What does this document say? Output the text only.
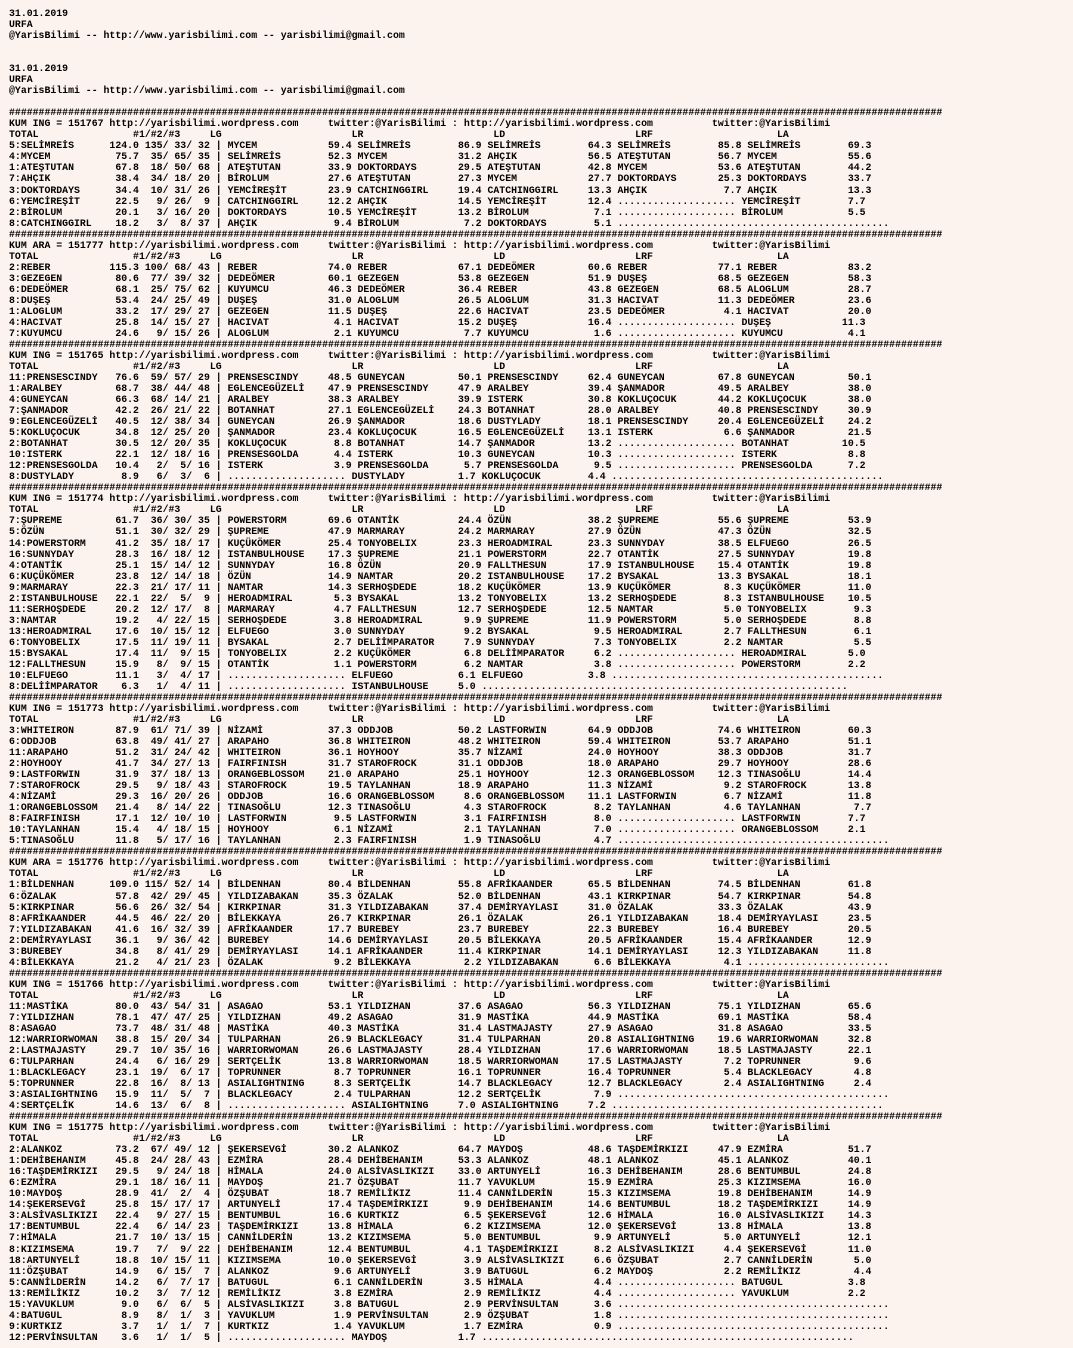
31.01.2019
URFA
@YarisBilimi -- http://www.yarisbilimi.com -- yarisbilimi@gmail.com

31.01.2019
URFA
@YarisBilimi -- http://www.yarisbilimi.com -- yarisbilimi@gmail.com

##############################################################################################################################################################
KUM ING = 151767 http://yarisbilimi.wordpress.com     twitter:@YarisBilimi : http://yarisbilimi.wordpress.com          twitter:@YarisBilimi
TOTAL                #1/#2/#3     LG                      LR                      LD                      LRF                     LA
5:SELİMREİS      124.0 135/ 33/ 32 | MYCEM            59.4 SELİMREİS        86.9 SELİMREİS        64.3 SELİMREİS        85.8 SELİMREİS        69.3
4:MYCEM           75.7  35/ 65/ 35 | SELİMREİS        52.3 MYCEM            31.2 AHÇIK            56.5 ATEŞTUTAN        56.7 MYCEM            55.6
1:ATEŞTUTAN       67.8  18/ 50/ 68 | ATEŞTUTAN        33.9 DOKTORDAYS       29.5 ATEŞTUTAN        42.8 MYCEM            53.6 ATEŞTUTAN        44.2
7:AHÇIK           38.4  34/ 18/ 20 | BİROLUM          27.6 ATEŞTUTAN        27.3 MYCEM            27.7 DOKTORDAYS       25.3 DOKTORDAYS       33.7
3:DOKTORDAYS      34.4  10/ 31/ 26 | YEMCİREŞİT       23.9 CATCHINGGIRL     19.4 CATCHINGGIRL     13.3 AHÇIK             7.7 AHÇIK            13.3
6:YEMCİREŞİT      22.5   9/ 26/  9 | CATCHINGGIRL     12.2 AHÇIK            14.5 YEMCİREŞİT       12.4 .................... YEMCİREŞİT        7.7
2:BİROLUM         20.1   3/ 16/ 20 | DOKTORDAYS       10.5 YEMCİREŞİT       13.2 BİROLUM           7.1 .................... BİROLUM           5.5
8:CATCHINGGIRL    18.2   3/  8/ 37 | AHÇIK             9.4 BİROLUM           7.2 DOKTORDAYS        5.1 ..............................................
##############################################################################################################################################################
KUM ARA = 151777 http://yarisbilimi.wordpress.com     twitter:@YarisBilimi : http://yarisbilimi.wordpress.com          twitter:@YarisBilimi
TOTAL                #1/#2/#3     LG                      LR                      LD                      LRF                     LA
2:REBER          115.3 100/ 68/ 43 | REBER            74.0 REBER            67.1 DEDEÖMER         60.6 REBER            77.1 REBER            83.2
3:GEZEGEN         80.6  77/ 39/ 32 | DEDEÖMER         60.1 GEZEGEN          53.8 GEZEGEN          51.9 DUŞEŞ            68.5 GEZEGEN          58.3
6:DEDEÖMER        68.1  25/ 75/ 62 | KUYUMCU          46.3 DEDEÖMER         36.4 REBER            43.8 GEZEGEN          68.5 ALOGLUM          28.7
8:DUŞEŞ           53.4  24/ 25/ 49 | DUŞEŞ            31.0 ALOGLUM          26.5 ALOGLUM          31.3 HACIVAT          11.3 DEDEÖMER         23.6
1:ALOGLUM         33.2  17/ 29/ 27 | GEZEGEN          11.5 DUŞEŞ            22.6 HACIVAT          23.5 DEDEÖMER          4.1 HACIVAT          20.0
4:HACIVAT         25.8  14/ 15/ 27 | HACIVAT           4.1 HACIVAT          15.2 DUŞEŞ            16.4 .................... DUŞEŞ            11.3
7:KUYUMCU         24.6   9/ 15/ 26 | ALOGLUM           2.1 KUYUMCU           7.7 KUYUMCU           1.6 .................... KUYUMCU           4.1
##############################################################################################################################################################
KUM ING = 151765 http://yarisbilimi.wordpress.com     twitter:@YarisBilimi : http://yarisbilimi.wordpress.com          twitter:@YarisBilimi
TOTAL                #1/#2/#3     LG                      LR                      LD                      LRF                     LA
11:PRENSESCINDY   76.6  59/ 57/ 29 | PRENSESCINDY     48.5 GUNEYCAN         50.1 PRENSESCINDY     62.4 GUNEYCAN         67.8 GUNEYCAN         50.1
1:ARALBEY         68.7  38/ 44/ 48 | EGLENCEGÜZELİ    47.9 PRENSESCINDY     47.9 ARALBEY          39.4 ŞANMADOR         49.5 ARALBEY          38.0
4:GUNEYCAN        66.3  68/ 14/ 21 | ARALBEY          38.3 ARALBEY          39.9 ISTERK           30.8 KOKLUÇOCUK       44.2 KOKLUÇOCUK       38.0
7:ŞANMADOR        42.2  26/ 21/ 22 | BOTANHAT         27.1 EGLENCEGÜZELİ    24.3 BOTANHAT         28.0 ARALBEY          40.8 PRENSESCINDY     30.9
9:EGLENCEGÜZELİ   40.5  12/ 38/ 34 | GUNEYCAN         26.9 ŞANMADOR         18.6 DUSTYLADY        18.1 PRENSESCINDY     20.4 EGLENCEGÜZELİ    24.2
5:KOKLUÇOCUK      34.8  12/ 25/ 20 | ŞANMADOR         23.4 KOKLUÇOCUK       16.5 EGLENCEGÜZELİ    13.1 ISTERK            6.6 ŞANMADOR         21.5
2:BOTANHAT        30.5  12/ 20/ 35 | KOKLUÇOCUK        8.8 BOTANHAT         14.7 ŞANMADOR         13.2 .................... BOTANHAT         10.5
10:ISTERK         22.1  12/ 18/ 16 | PRENSESGOLDA      4.4 ISTERK           10.3 GUNEYCAN         10.3 .................... ISTERK            8.8
12:PRENSESGOLDA   10.4   2/  5/ 16 | ISTERK            3.9 PRENSESGOLDA      5.7 PRENSESGOLDA      9.5 .................... PRENSESGOLDA      7.2
8:DUSTYLADY        8.9   6/  3/  6 | .................... DUSTYLADY         1.7 KOKLUÇOCUK        4.4 ..............................................
##############################################################################################################################################################
KUM ING = 151774 http://yarisbilimi.wordpress.com     twitter:@YarisBilimi : http://yarisbilimi.wordpress.com          twitter:@YarisBilimi
TOTAL                #1/#2/#3     LG                      LR                      LD                      LRF                     LA
7:ŞUPREME         61.7  36/ 30/ 35 | POWERSTORM       69.6 OTANTİK          24.4 ÖZÜN             38.2 ŞUPREME          55.6 ŞUPREME          53.9
5:ÖZÜN            51.1  30/ 32/ 29 | ŞUPREME          47.9 MARMARAY         24.2 MARMARAY         27.9 ÖZÜN             47.3 ÖZÜN             32.5
14:POWERSTORM     41.2  35/ 18/ 17 | KUÇÜKÖMER        25.4 TONYOBELIX       23.3 HEROADMIRAL      23.3 SUNNYDAY         38.5 ELFUEGO          26.5
16:SUNNYDAY       28.3  16/ 18/ 12 | ISTANBULHOUSE    17.3 ŞUPREME          21.1 POWERSTORM       22.7 OTANTİK          27.5 SUNNYDAY         19.8
4:OTANTİK         25.1  15/ 14/ 12 | SUNNYDAY         16.8 ÖZÜN             20.9 FALLTHESUN       17.9 ISTANBULHOUSE    15.4 OTANTİK          19.8
6:KUÇÜKÖMER       23.8  12/ 14/ 18 | ÖZÜN             14.9 NAMTAR           20.2 ISTANBULHOUSE    17.2 BYSAKAL          13.3 BYSAKAL          18.1
9:MARMARAY        22.3  21/ 17/ 11 | NAMTAR           14.3 SERHOŞDEDE       18.2 KUÇÜKÖMER        13.9 KUÇÜKÖMER         8.3 KUÇÜKÖMER        11.0
2:ISTANBULHOUSE   22.1  22/  5/  9 | HEROADMIRAL       5.3 BYSAKAL          13.2 TONYOBELIX       13.2 SERHOŞDEDE        8.3 ISTANBULHOUSE    10.5
11:SERHOŞDEDE     20.2  12/ 17/  8 | MARMARAY          4.7 FALLTHESUN       12.7 SERHOŞDEDE       12.5 NAMTAR            5.0 TONYOBELIX        9.3
3:NAMTAR          19.2   4/ 22/ 15 | SERHOŞDEDE        3.8 HEROADMIRAL       9.9 ŞUPREME          11.9 POWERSTORM        5.0 SERHOŞDEDE        8.8
13:HEROADMIRAL    17.6  10/ 15/ 12 | ELFUEGO           3.0 SUNNYDAY          9.2 BYSAKAL           9.5 HEROADMIRAL       2.7 FALLTHESUN        6.1
6:TONYOBELIX      17.5  11/ 19/ 11 | BYSAKAL           2.7 DELİİMPARATOR     7.9 SUNNYDAY          7.3 TONYOBELIX        2.2 NAMTAR            5.5
15:BYSAKAL        17.4  11/  9/ 15 | TONYOBELIX        2.2 KUÇÜKÖMER         6.8 DELİİMPARATOR     6.2 .................... HEROADMIRAL       5.0
12:FALLTHESUN     15.9   8/  9/ 15 | OTANTİK           1.1 POWERSTORM        6.2 NAMTAR            3.8 .................... POWERSTORM        2.2
10:ELFUEGO        11.1   3/  4/ 17 | .................... ELFUEGO           6.1 ELFUEGO           3.8 ..............................................
8:DELİİMPARATOR    6.3   1/  4/ 11 | .................... ISTANBULHOUSE     5.0 ..............................................................
##############################################################################################################################################################
KUM ING = 151773 http://yarisbilimi.wordpress.com     twitter:@YarisBilimi : http://yarisbilimi.wordpress.com          twitter:@YarisBilimi
TOTAL                #1/#2/#3     LG                      LR                      LD                      LRF                     LA
3:WHITEIRON       87.9  61/ 71/ 39 | NİZAMİ           37.3 ODDJOB           50.2 LASTFORWIN       64.9 ODDJOB           74.6 WHITEIRON        60.3
6:ODDJOB          63.8  49/ 41/ 27 | ARAPAHO          36.8 WHITEIRON        48.2 WHITEIRON        59.4 WHITEIRON        53.7 ARAPAHO          51.1
11:ARAPAHO        51.2  31/ 24/ 42 | WHITEIRON        36.1 HOYHOOY          35.7 NİZAMİ           24.0 HOYHOOY          38.3 ODDJOB           31.7
2:HOYHOOY         41.7  34/ 27/ 13 | FAIRFINISH       31.7 STAROFROCK       31.1 ODDJOB           18.0 ARAPAHO          29.7 HOYHOOY          28.6
9:LASTFORWIN      31.9  37/ 18/ 13 | ORANGEBLOSSOM    21.0 ARAPAHO          25.1 HOYHOOY          12.3 ORANGEBLOSSOM    12.3 TINASOĞLU        14.4
7:STAROFROCK      29.5   9/ 18/ 43 | STAROFROCK       19.5 TAYLANHAN        18.9 ARAPAHO          11.3 NİZAMİ            9.2 STAROFROCK       13.8
4:NİZAMİ          29.3  16/ 20/ 26 | ODDJOB           16.6 ORANGEBLOSSOM     8.6 ORANGEBLOSSOM    11.1 LASTFORWIN        6.7 NİZAMİ           11.8
1:ORANGEBLOSSOM   21.4   8/ 14/ 22 | TINASOĞLU        12.3 TINASOĞLU         4.3 STAROFROCK        8.2 TAYLANHAN         4.6 TAYLANHAN         7.7
8:FAIRFINISH      17.1  12/ 10/ 10 | LASTFORWIN        9.5 LASTFORWIN        3.1 FAIRFINISH        8.0 .................... LASTFORWIN        7.7
10:TAYLANHAN      15.4   4/ 18/ 15 | HOYHOOY           6.1 NİZAMİ            2.1 TAYLANHAN         7.0 .................... ORANGEBLOSSOM     2.1
5:TINASOĞLU       11.8   5/ 17/ 16 | TAYLANHAN         2.3 FAIRFINISH        1.9 TINASOĞLU         4.7 ..............................................
##############################################################################################################################################################
KUM ARA = 151776 http://yarisbilimi.wordpress.com     twitter:@YarisBilimi : http://yarisbilimi.wordpress.com          twitter:@YarisBilimi
TOTAL                #1/#2/#3     LG                      LR                      LD                      LRF                     LA
1:BİLDENHAN      109.0 115/ 52/ 14 | BİLDENHAN        80.4 BİLDENHAN        55.8 AFRİKAANDER      65.5 BİLDENHAN        74.5 BİLDENHAN        61.8
6:ÖZALAK          57.8  42/ 29/ 45 | YILDIZABAKAN     35.3 ÖZALAK           52.0 BİLDENHAN        43.1 KIRKPINAR        54.7 KIRKPINAR        54.8
5:KIRKPINAR       56.6  26/ 32/ 54 | KIRKPINAR        31.3 YILDIZABAKAN     37.4 DEMİRYAYLASI     31.0 ÖZALAK           33.3 ÖZALAK           43.9
8:AFRİKAANDER     44.5  46/ 22/ 20 | BİLEKKAYA        26.7 KIRKPINAR        26.1 ÖZALAK           26.1 YILDIZABAKAN     18.4 DEMİRYAYLASI     23.5
7:YILDIZABAKAN    41.6  16/ 32/ 39 | AFRİKAANDER      17.7 BUREBEY          23.7 BUREBEY          22.3 BUREBEY          16.4 BUREBEY          20.5
2:DEMİRYAYLASI    36.1   9/ 36/ 42 | BUREBEY          14.6 DEMİRYAYLASI     20.5 BİLEKKAYA        20.5 AFRİKAANDER      15.4 AFRİKAANDER      12.9
3:BUREBEY         34.8   8/ 41/ 29 | DEMİRYAYLASI     14.1 AFRİKAANDER      11.4 KIRKPINAR        14.1 DEMİRYAYLASI     12.3 YILDIZABAKAN     11.8
4:BİLEKKAYA       21.2   4/ 21/ 23 | ÖZALAK            9.2 BİLEKKAYA         2.2 YILDIZABAKAN      6.6 BİLEKKAYA         4.1 ........................
##############################################################################################################################################################
KUM ING = 151766 http://yarisbilimi.wordpress.com     twitter:@YarisBilimi : http://yarisbilimi.wordpress.com          twitter:@YarisBilimi
TOTAL                #1/#2/#3     LG                      LR                      LD                      LRF                     LA
11:MASTİKA        80.0  43/ 54/ 31 | ASAGAO           53.1 YILDIZHAN        37.6 ASAGAO           56.3 YILDIZHAN        75.1 YILDIZHAN        65.6
7:YILDIZHAN       78.1  47/ 47/ 25 | YILDIZHAN        49.2 ASAGAO           31.9 MASTİKA          44.9 MASTİKA          69.1 MASTİKA          58.4
8:ASAGAO          73.7  48/ 31/ 48 | MASTİKA          40.3 MASTİKA          31.4 LASTMAJASTY      27.9 ASAGAO           31.8 ASAGAO           33.5
12:WARRIORWOMAN   38.8  15/ 20/ 34 | TULPARHAN        26.9 BLACKLEGACY      31.4 TULPARHAN        20.8 ASIALIGHTNING    19.6 WARRIORWOMAN     32.8
2:LASTMAJASTY     29.7  10/ 35/ 16 | WARRIORWOMAN     26.6 LASTMAJASTY      28.4 YILDIZHAN        17.6 WARRIORWOMAN     18.5 LASTMAJASTY      22.1
6:TULPARHAN       24.4   6/ 16/ 29 | SERTÇELİK        13.8 WARRIORWOMAN     18.5 WARRIORWOMAN     17.5 LASTMAJASTY       7.2 TOPRUNNER         9.6
1:BLACKLEGACY     23.1  19/  6/ 17 | TOPRUNNER         8.7 TOPRUNNER        16.1 TOPRUNNER        16.4 TOPRUNNER         5.4 BLACKLEGACY       4.8
5:TOPRUNNER       22.8  16/  8/ 13 | ASIALIGHTNING     8.3 SERTÇELİK        14.7 BLACKLEGACY      12.7 BLACKLEGACY       2.4 ASIALIGHTNING     2.4
3:ASIALIGHTNING   15.9  11/  5/  7 | BLACKLEGACY       2.4 TULPARHAN        12.2 SERTÇELİK         7.9 ..............................................
4:SERTÇELİK       14.6  13/  6/  8 | .................... ASIALIGHTNING     7.0 ASIALIGHTNING     7.2 ..............................................
##############################################################################################################################################################
KUM ING = 151775 http://yarisbilimi.wordpress.com     twitter:@YarisBilimi : http://yarisbilimi.wordpress.com          twitter:@YarisBilimi
TOTAL                #1/#2/#3     LG                      LR                      LD                      LRF                     LA
2:ALANKOZ         73.2  67/ 49/ 12 | ŞEKERSEVGİ       30.2 ALANKOZ          64.7 MAYDOŞ           48.6 TAŞDEMİRKIZI     47.9 EZMİRA           51.7
1:DEHİBEHANIM     45.8  24/ 28/ 43 | EZMİRA           28.4 DEHİBEHANIM      53.3 ALANKOZ          48.1 ALANKOZ          45.1 ALANKOZ          40.1
16:TAŞDEMİRKIZI   29.5   9/ 24/ 18 | HİMALA           24.0 ALSİVASLIKIZI    33.0 ARTUNYELİ        16.3 DEHİBEHANIM      28.6 BENTUMBUL        24.8
6:EZMİRA          29.1  18/ 16/ 11 | MAYDOŞ           21.7 ÖZŞUBAT          11.7 YAVUKLUM         15.9 EZMİRA           25.3 KIZIMSEMA        16.0
10:MAYDOŞ         28.9  41/  2/  4 | ÖZŞUBAT          18.7 REMİLİKIZ        11.4 CANNİLDERİN      15.3 KIZIMSEMA        19.8 DEHİBEHANIM      14.9
14:ŞEKERSEVGİ     25.8  15/ 17/ 17 | ARTUNYELİ        17.4 TAŞDEMİRKIZI      9.9 DEHİBEHANIM      14.6 BENTUMBUL        18.2 TAŞDEMİRKIZI     14.9
3:ALSİVASLIKIZI   22.4   9/ 27/ 15 | BENTUMBUL        16.6 KURTKIZ           6.5 ŞEKERSEVGİ       12.6 HİMALA           16.0 ALSİVASLIKIZI    14.3
17:BENTUMBUL      22.4   6/ 14/ 23 | TAŞDEMİRKIZI     13.8 HİMALA            6.2 KIZIMSEMA        12.0 ŞEKERSEVGİ       13.8 HİMALA           13.8
7:HİMALA          21.7  10/ 13/ 15 | CANNİLDERİN      13.2 KIZIMSEMA         5.0 BENTUMBUL         9.9 ARTUNYELİ         5.0 ARTUNYELİ        12.1
8:KIZIMSEMA       19.7   7/  9/ 22 | DEHİBEHANIM      12.4 BENTUMBUL         4.1 TAŞDEMİRKIZI      8.2 ALSİVASLIKIZI     4.4 ŞEKERSEVGİ       11.0
18:ARTUNYELİ      18.8  10/ 15/ 11 | KIZIMSEMA        10.0 ŞEKERSEVGİ        3.9 ALSİVASLIKIZI     6.6 ÖZŞUBAT           2.7 CANNİLDERİN       5.0
11:ÖZŞUBAT        14.9   6/ 15/  7 | ALANKOZ           9.6 ARTUNYELİ         3.9 BATUGUL           6.2 MAYDOŞ            2.2 REMİLİKIZ         4.4
5:CANNİLDERİN     14.2   6/  7/ 17 | BATUGUL           6.1 CANNİLDERİN       3.5 HİMALA            4.4 .................... BATUGUL           3.8
13:REMİLİKIZ      10.2   3/  7/ 12 | REMİLİKIZ         3.8 EZMİRA            2.9 REMİLİKIZ         4.4 .................... YAVUKLUM          2.2
15:YAVUKLUM        9.0   6/  6/  5 | ALSİVASLIKIZI     3.8 BATUGUL           2.9 PERVİNSULTAN      3.6 ..............................................
4:BATUGUL          8.9   8/  1/  3 | YAVUKLUM          1.9 PERVİNSULTAN      2.9 ÖZŞUBAT           1.8 ..............................................
9:KURTKIZ          3.7   1/  1/  7 | KURTKIZ           1.4 YAVUKLUM          1.7 EZMİRA            0.9 ..............................................
12:PERVİNSULTAN    3.6   1/  1/  5 | .................... MAYDOŞ            1.7 ...............................................................
